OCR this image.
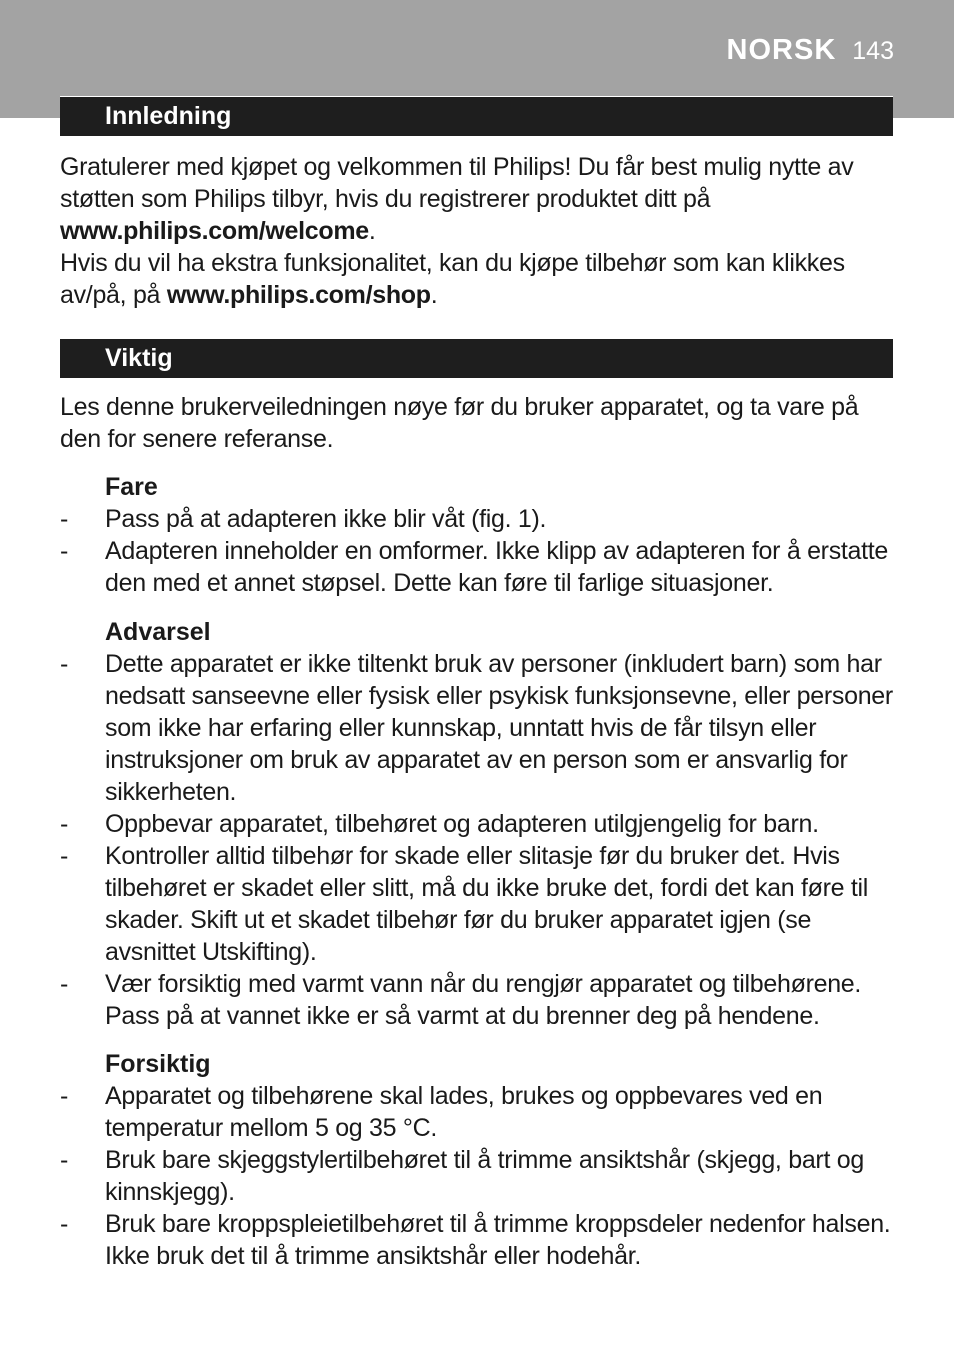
NORSK 143
Innledning
Gratulerer med kjøpet og velkommen til Philips! Du får best mulig nytte av støtten som Philips tilbyr, hvis du registrerer produktet ditt på www.philips.com/welcome.
Hvis du vil ha ekstra funksjonalitet, kan du kjøpe tilbehør som kan klikkes av/på, på www.philips.com/shop.
Viktig
Les denne brukerveiledningen nøye før du bruker apparatet, og ta vare på den for senere referanse.
Fare
- Pass på at adapteren ikke blir våt (fig. 1).
- Adapteren inneholder en omformer. Ikke klipp av adapteren for å erstatte den med et annet støpsel. Dette kan føre til farlige situasjoner.
Advarsel
- Dette apparatet er ikke tiltenkt bruk av personer (inkludert barn) som har nedsatt sanseevne eller fysisk eller psykisk funksjonsevne, eller personer som ikke har erfaring eller kunnskap, unntatt hvis de får tilsyn eller instruksjoner om bruk av apparatet av en person som er ansvarlig for sikkerheten.
- Oppbevar apparatet, tilbehøret og adapteren utilgjengelig for barn.
- Kontroller alltid tilbehør for skade eller slitasje før du bruker det. Hvis tilbehøret er skadet eller slitt, må du ikke bruke det, fordi det kan føre til skader. Skift ut et skadet tilbehør før du bruker apparatet igjen (se avsnittet Utskifting).
- Vær forsiktig med varmt vann når du rengjør apparatet og tilbehørene. Pass på at vannet ikke er så varmt at du brenner deg på hendene.
Forsiktig
- Apparatet og tilbehørene skal lades, brukes og oppbevares ved en temperatur mellom 5 og 35 °C.
- Bruk bare skjeggstylertilbehøret til å trimme ansiktshår (skjegg, bart og kinnskjegg).
- Bruk bare kroppspleietilbehøret til å trimme kroppsdeler nedenfor halsen. Ikke bruk det til å trimme ansiktshår eller hodehår.
